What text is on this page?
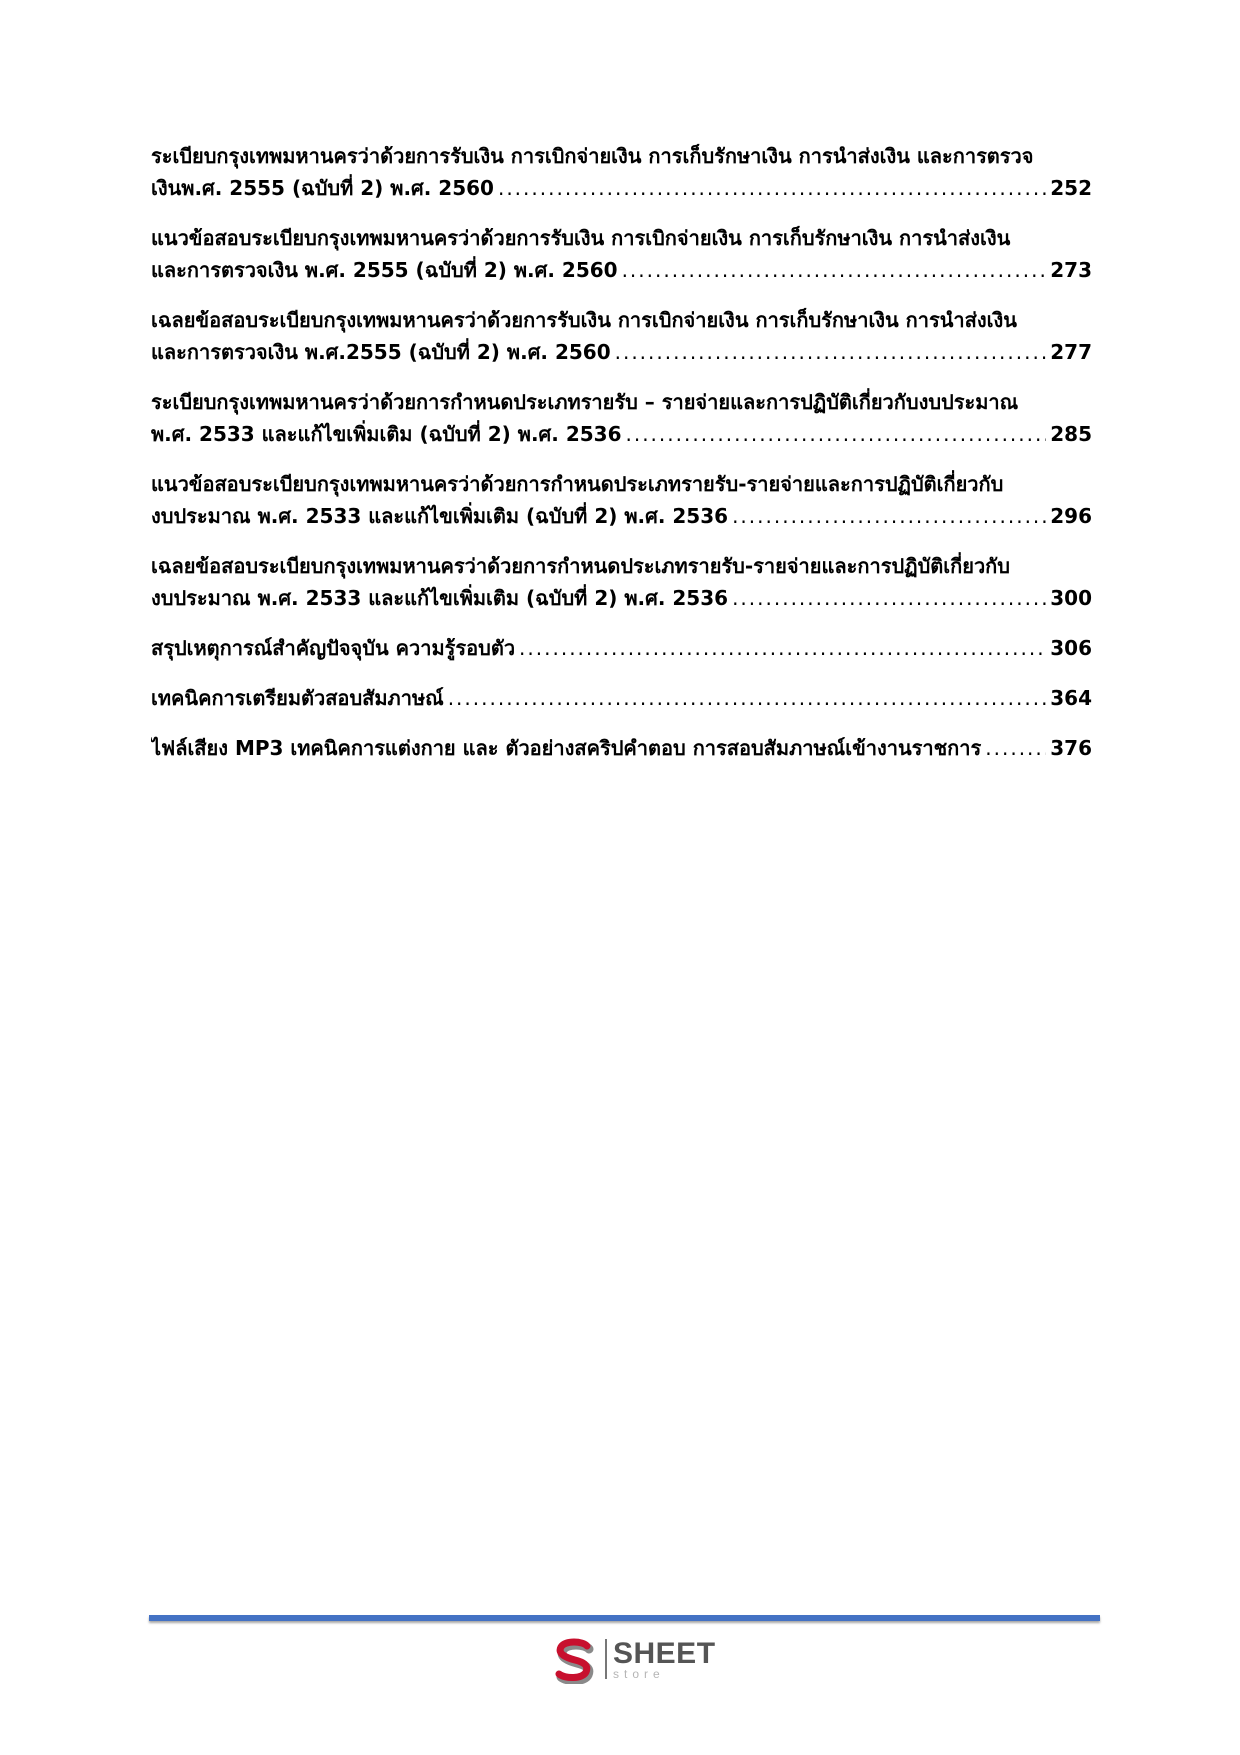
ระเบียบกรุงเทพมหานครว่าด้วยการรับเงิน การเบิกจ่ายเงิน การเก็บรักษาเงิน การนำส่งเงิน และการตรวจ
เงินพ.ศ. 2555 (ฉบับที่ 2) พ.ศ. 2560 .....	252
แนวข้อสอบระเบียบกรุงเทพมหานครว่าด้วยการรับเงิน การเบิกจ่ายเงิน การเก็บรักษาเงิน การนำส่งเงิน
และการตรวจเงิน พ.ศ. 2555 (ฉบับที่ 2) พ.ศ. 2560 .....	273
เฉลยข้อสอบระเบียบกรุงเทพมหานครว่าด้วยการรับเงิน การเบิกจ่ายเงิน การเก็บรักษาเงิน การนำส่งเงิน
และการตรวจเงิน พ.ศ.2555 (ฉบับที่ 2) พ.ศ. 2560 .....	277
ระเบียบกรุงเทพมหานครว่าด้วยการกำหนดประเภทรายรับ – รายจ่ายและการปฏิบัติเกี่ยวกับงบประมาณ
พ.ศ. 2533 และแก้ไขเพิ่มเติม (ฉบับที่ 2) พ.ศ. 2536 .....	285
แนวข้อสอบระเบียบกรุงเทพมหานครว่าด้วยการกำหนดประเภทรายรับ-รายจ่ายและการปฏิบัติเกี่ยวกับ
งบประมาณ พ.ศ. 2533 และแก้ไขเพิ่มเติม (ฉบับที่ 2) พ.ศ. 2536 .....	296
เฉลยข้อสอบระเบียบกรุงเทพมหานครว่าด้วยการกำหนดประเภทรายรับ-รายจ่ายและการปฏิบัติเกี่ยวกับ
งบประมาณ พ.ศ. 2533 และแก้ไขเพิ่มเติม (ฉบับที่ 2) พ.ศ. 2536 .....	300
สรุปเหตุการณ์สำคัญปัจจุบัน ความรู้รอบตัว .....	306
เทคนิคการเตรียมตัวสอบสัมภาษณ์ .....	364
ไฟล์เสียง MP3 เทคนิคการแต่งกาย และ ตัวอย่างสคริปคำตอบ การสอบสัมภาษณ์เข้างานราชการ .....	376
SHEET
store
